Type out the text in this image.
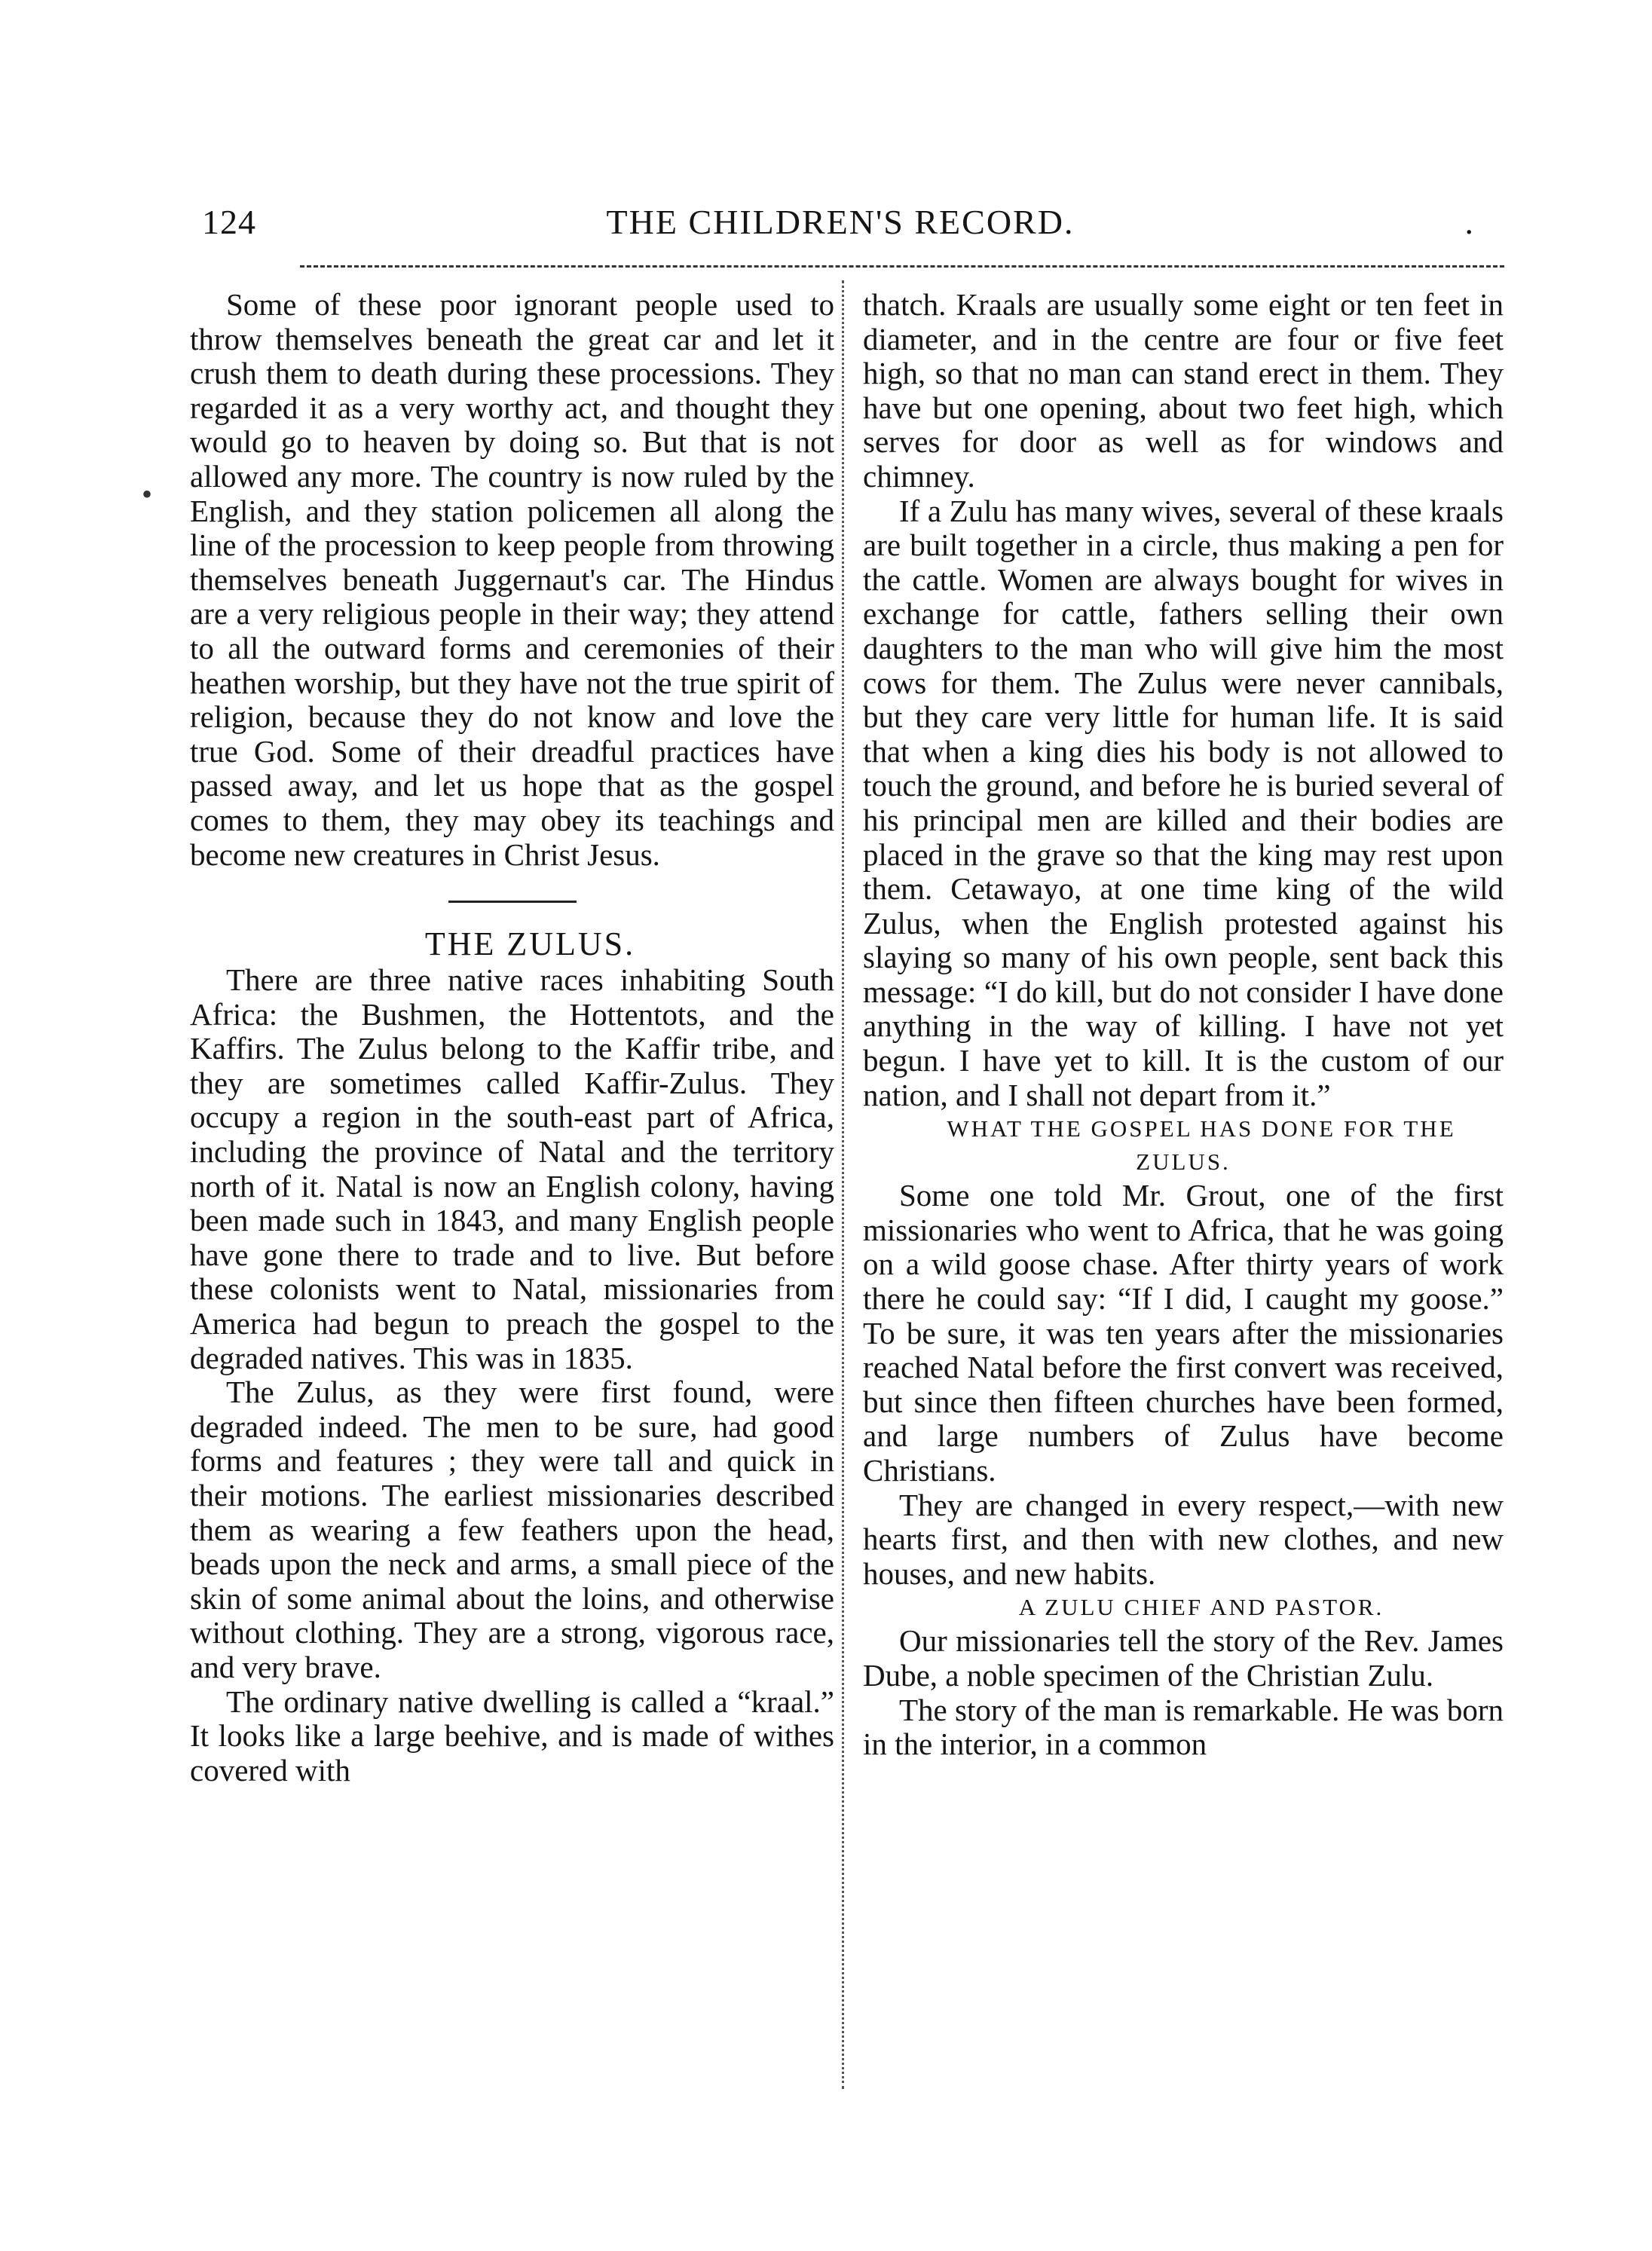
124	THE CHILDREN'S RECORD.	.

Some of these poor ignorant people used to throw themselves beneath the great car and let it crush them to death during these processions. They regarded it as a very worthy act, and thought they would go to heaven by doing so. But that is not allowed any more. The country is now ruled by the English, and they station policemen all along the line of the procession to keep people from throwing themselves beneath Juggernaut's car. The Hindus are a very religious people in their way; they attend to all the outward forms and ceremonies of their heathen worship, but they have not the true spirit of religion, because they do not know and love the true God. Some of their dreadful practices have passed away, and let us hope that as the gospel comes to them, they may obey its teachings and become new creatures in Christ Jesus.

THE ZULUS.

There are three native races inhabiting South Africa: the Bushmen, the Hottentots, and the Kaffirs. The Zulus belong to the Kaffir tribe, and they are sometimes called Kaffir-Zulus. They occupy a region in the south-east part of Africa, including the province of Natal and the territory north of it. Natal is now an English colony, having been made such in 1843, and many English people have gone there to trade and to live. But before these colonists went to Natal, missionaries from America had begun to preach the gospel to the degraded natives. This was in 1835.

The Zulus, as they were first found, were degraded indeed. The men to be sure, had good forms and features ; they were tall and quick in their motions. The earliest missionaries described them as wearing a few feathers upon the head, beads upon the neck and arms, a small piece of the skin of some animal about the loins, and otherwise without clothing. They are a strong, vigorous race, and very brave.

The ordinary native dwelling is called a “kraal.” It looks like a large beehive, and is made of withes covered with

thatch. Kraals are usually some eight or ten feet in diameter, and in the centre are four or five feet high, so that no man can stand erect in them. They have but one opening, about two feet high, which serves for door as well as for windows and chimney.

If a Zulu has many wives, several of these kraals are built together in a circle, thus making a pen for the cattle. Women are always bought for wives in exchange for cattle, fathers selling their own daughters to the man who will give him the most cows for them. The Zulus were never cannibals, but they care very little for human life. It is said that when a king dies his body is not allowed to touch the ground, and before he is buried several of his principal men are killed and their bodies are placed in the grave so that the king may rest upon them. Cetawayo, at one time king of the wild Zulus, when the English protested against his slaying so many of his own people, sent back this message: “I do kill, but do not consider I have done anything in the way of killing. I have not yet begun. I have yet to kill. It is the custom of our nation, and I shall not depart from it.”

WHAT THE GOSPEL HAS DONE FOR THE ZULUS.

Some one told Mr. Grout, one of the first missionaries who went to Africa, that he was going on a wild goose chase. After thirty years of work there he could say: “If I did, I caught my goose.” To be sure, it was ten years after the missionaries reached Natal before the first convert was received, but since then fifteen churches have been formed, and large numbers of Zulus have become Christians.

They are changed in every respect,—with new hearts first, and then with new clothes, and new houses, and new habits.

A ZULU CHIEF AND PASTOR.

Our missionaries tell the story of the Rev. James Dube, a noble specimen of the Christian Zulu.

The story of the man is remarkable. He was born in the interior, in a common

•
